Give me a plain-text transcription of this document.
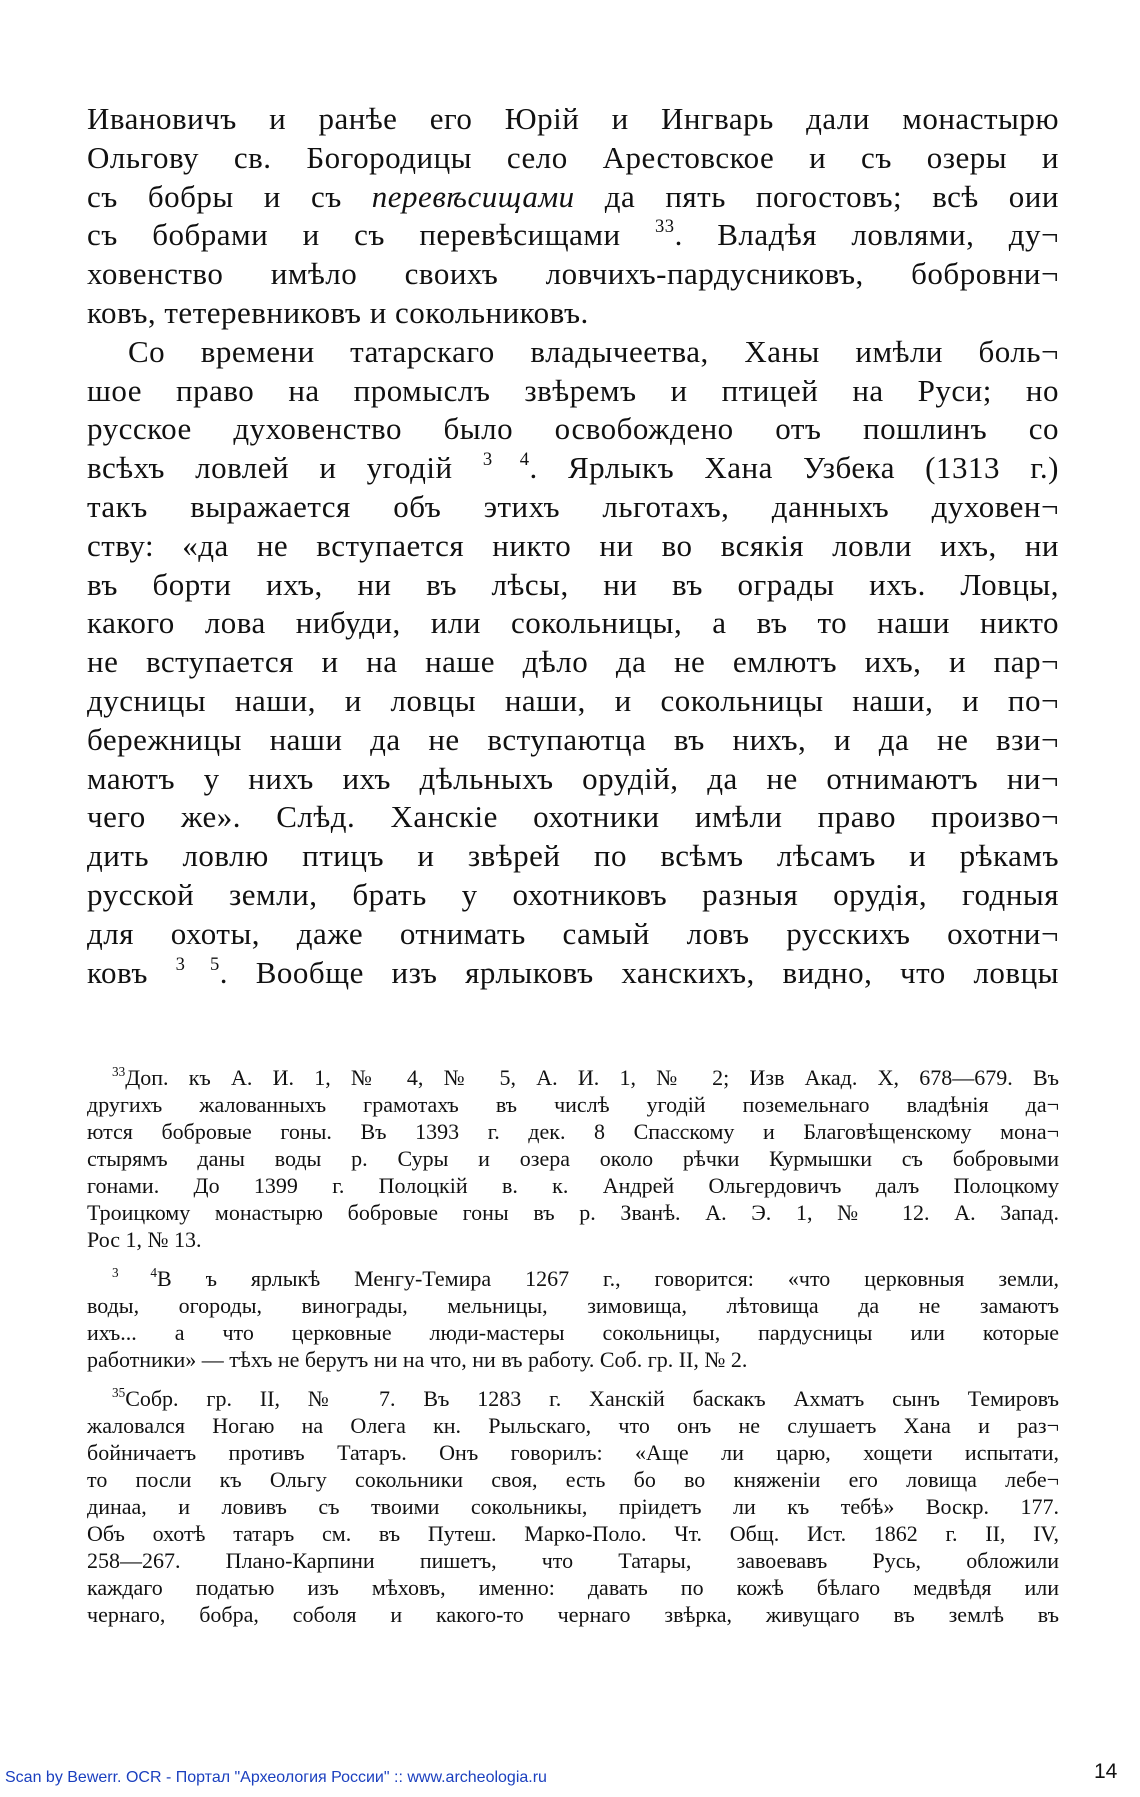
Ивановичъ и ранѣе его Юрій и Ингварь дали монастырю
Ольгову св. Богородицы село Арестовское и съ озеры и
съ бобры и съ перевѣсищами да пять погостовъ; всѣ оии
съ бобрами и съ перевѣсищами $^{33}$. Владѣя ловлями, ду¬
ховенство имѣло своихъ ловчихъ-пардусниковъ, бобровни¬
ковъ, тетеревниковъ и сокольниковъ.
Со времени татарскаго владычеетва, Ханы имѣли боль¬
шое право на промыслъ звѣремъ и птицей на Руси; но
русское духовенство было освобождено отъ пошлинъ со
всѣхъ ловлей и угодій $^{3 4}$. Ярлыкъ Хана Узбека (1313 г.)
такъ выражается объ этихъ льготахъ, данныхъ духовен¬
ству: «да не вступается никто ни во всякія ловли ихъ, ни
въ борти ихъ, ни въ лѣсы, ни въ ограды ихъ. Ловцы,
какого лова нибуди, или сокольницы, а въ то наши никто
не вступается и на наше дѣло да не емлютъ ихъ, и пар¬
дусницы наши, и ловцы наши, и сокольницы наши, и по¬
бережницы наши да не вступаютца въ нихъ, и да не взи¬
маютъ у нихъ ихъ дѣльныхъ орудій, да не отнимаютъ ни¬
чего же». Слѣд. Ханскіе охотники имѣли право произво¬
дить ловлю птицъ и звѣрей по всѣмъ лѣсамъ и рѣкамъ
русской земли, брать у охотниковъ разныя орудія, годныя
для охоты, даже отнимать самый ловъ русскихъ охотни¬
ковъ $^{3 5}$. Вообще изъ ярлыковъ ханскихъ, видно, что ловцы
$^{33}$Доп. къ А. И. 1, № 4, № 5, А. И. 1, № 2; Изв Акад. X, 678—679. Въ
другихъ жалованныхъ грамотахъ въ числѣ угодій поземельнаго владѣнія да¬
ются бобровые гоны. Въ 1393 г. дек. 8 Спасскому и Благовѣщенскому мона¬
стырямъ даны воды р. Суры и озера около рѣчки Курмышки съ бобровыми
гонами. До 1399 г. Полоцкій в. к. Андрей Ольгердовичъ далъ Полоцкому
Троицкому монастырю бобровые гоны въ р. Званѣ. А. Э. 1, № 12. А. Запад.
Рос 1, № 13.
$^{3 4}$В ъ ярлыкѣ Менгу-Темира 1267 г., говорится: «что церковныя земли,
воды, огороды, винограды, мельницы, зимовища, лѣтовища да не замаютъ
ихъ... а что церковные люди-мастеры сокольницы, пардусницы или которые
работники» — тѣхъ не берутъ ни на что, ни въ работу. Соб. гр. II, № 2.
$^{35}$Собр. гр. II, № 7. Въ 1283 г. Ханскій баскакъ Ахматъ сынъ Темировъ
жаловался Ногаю на Олега кн. Рыльскаго, что онъ не слушаетъ Хана и раз¬
бойничаетъ противъ Татаръ. Онъ говорилъ: «Аще ли царю, хощети испытати,
то посли къ Ольгу сокольники своя, есть бо во княженіи его ловища лебе¬
динаа, и ловивъ съ твоими сокольникы, пріидетъ ли къ тебѣ» Воскр. 177.
Объ охотѣ татаръ см. въ Путеш. Марко-Поло. Чт. Общ. Ист. 1862 г. II, IV,
258—267. Плано-Карпини пишетъ, что Татары, завоевавъ Русь, обложили
каждаго податью изъ мѣховъ, именно: давать по кожѣ бѣлаго медвѣдя или
чернаго, бобра, соболя и какого-то чернаго звѣрка, живущаго въ землѣ въ
Scan by Bewerr. OCR - Портал "Археология России" :: www.archeologia.ru	14
